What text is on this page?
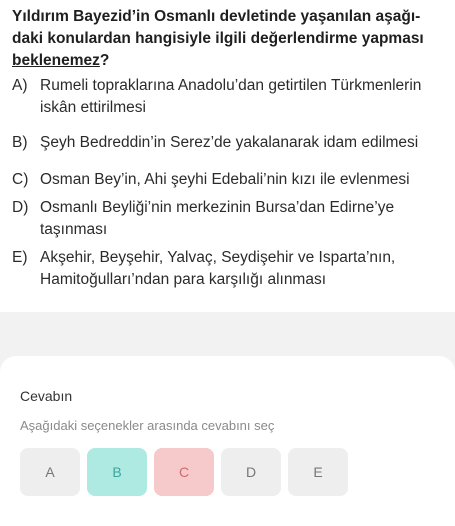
Yıldırım Bayezid’in Osmanlı devletinde yaşanılan aşağı-
daki konulardan hangisiyle ilgili değerlendirme yapması
beklenemez?
A) Rumeli topraklarına Anadolu’dan getirtilen Türkmenlerin
iskân ettirilmesi
B) Şeyh Bedreddin’in Serez’de yakalanarak idam edilmesi
C) Osman Bey’in, Ahi şeyhi Edebali’nin kızı ile evlenmesi
D) Osmanlı Beyliği’nin merkezinin Bursa’dan Edirne’ye
taşınması
E) Akşehir, Beyşehir, Yalvaç, Seydişehir ve Isparta’nın,
Hamitoğulları’ndan para karşılığı alınması
Cevabın
Aşağıdaki seçenekler arasında cevabını seç
A	B	C	D	E
